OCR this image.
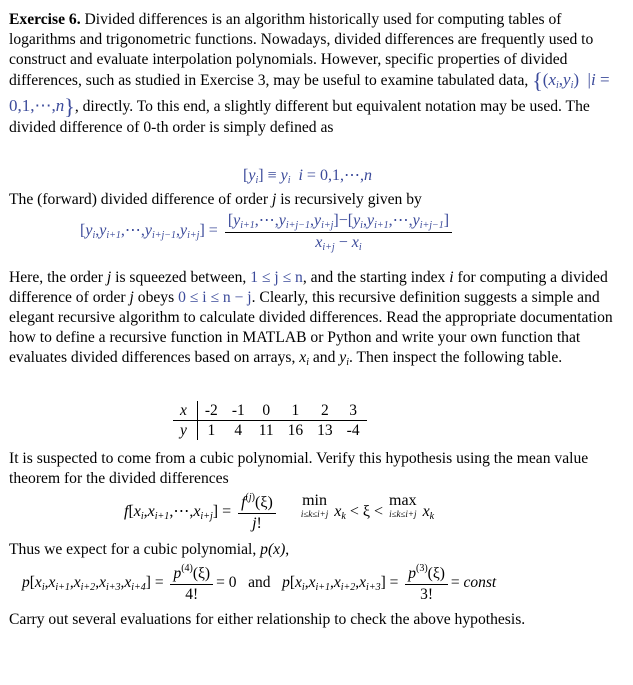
Exercise 6. Divided differences is an algorithm historically used for computing tables of logarithms and trigonometric functions. Nowadays, divided differences are frequently used to construct and evaluate interpolation polynomials. However, specific properties of divided differences, such as studied in Exercise 3, may be useful to examine tabulated data, {$(x_i,y_i) |i$ = 0,1,⋯,n}, directly. To this end, a slightly different but equivalent notation may be used. The divided difference of 0-th order is simply defined as

$[y_i] \equiv y_i$ i = 0,1,⋯,n

The (forward) divided difference of order j is recursively given by

$[y_i,y_{i+1},\cdots,y_{i+j-1},y_{i+j}] = \frac{[y_{i+1},\cdots,y_{i+j-1},y_{i+j}]-[y_i,y_{i+1},\cdots,y_{i+j-1}]}{x_{i+j} - x_i}$

Here, the order j is squeezed between, 1 ≤ j ≤ n, and the starting index i for computing a divided difference of order j obeys 0 ≤ i ≤ n − j. Clearly, this recursive definition suggests a simple and elegant recursive algorithm to calculate divided differences. Read the appropriate documentation how to define a recursive function in MATLAB or Python and write your own function that evaluates divided differences based on arrays, $x_i$ and $y_i$. Then inspect the following table.

x	-2	-1	0	1	2	3
y	1	4	11	16	13	-4

It is suspected to come from a cubic polynomial. Verify this hypothesis using the mean value theorem for the divided differences

$f[x_i,x_{i+1},\cdots,x_{i+j}] = \frac{f^{(j)}(\xi)}{j!}$
min
i≤k≤i+j $x_k < \xi$ <
max
i≤k≤i+j $x_k$

Thus we expect for a cubic polynomial, p(x),

$p[x_i,x_{i+1},x_{i+2},x_{i+3},x_{i+4}] = \frac{p^{(4)}(\xi)}{4!} = 0$   and   $p[x_i,x_{i+1},x_{i+2},x_{i+3}] = \frac{p^{(3)}(\xi)}{3!}$ = const

Carry out several evaluations for either relationship to check the above hypothesis.
